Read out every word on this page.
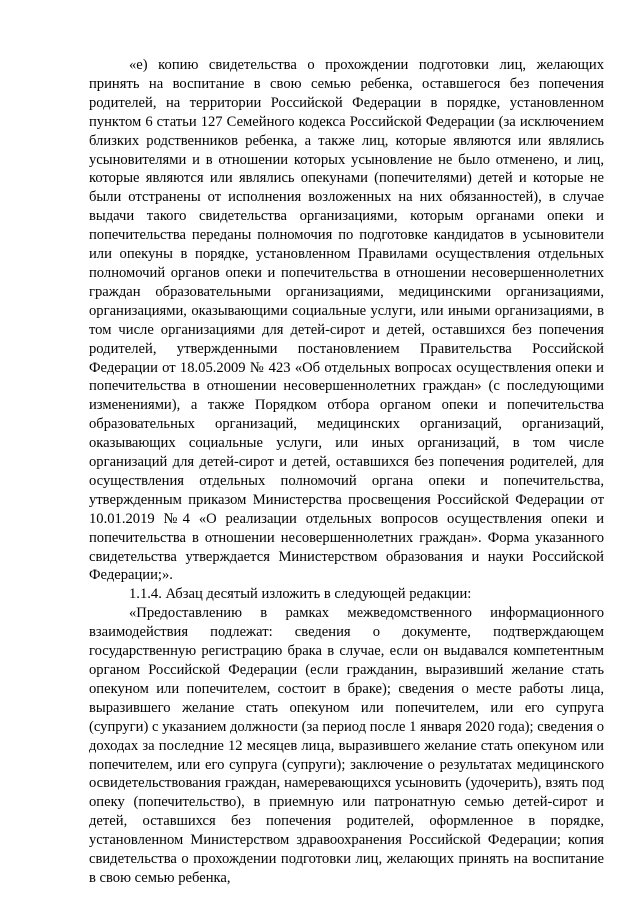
«е) копию свидетельства о прохождении подготовки лиц, желающих принять на воспитание в свою семью ребенка, оставшегося без попечения родителей, на территории Российской Федерации в порядке, установленном пунктом 6 статьи 127 Семейного кодекса Российской Федерации (за исключением близких родственников ребенка, а также лиц, которые являются или являлись усыновителями и в отношении которых усыновление не было отменено, и лиц, которые являются или являлись опекунами (попечителями) детей и которые не были отстранены от исполнения возложенных на них обязанностей), в случае выдачи такого свидетельства организациями, которым органами опеки и попечительства переданы полномочия по подготовке кандидатов в усыновители или опекуны в порядке, установленном Правилами осуществления отдельных полномочий органов опеки и попечительства в отношении несовершеннолетних граждан образовательными организациями, медицинскими организациями, организациями, оказывающими социальные услуги, или иными организациями, в том числе организациями для детей-сирот и детей, оставшихся без попечения родителей, утвержденными постановлением Правительства Российской Федерации от 18.05.2009 № 423 «Об отдельных вопросах осуществления опеки и попечительства в отношении несовершеннолетних граждан» (с последующими изменениями), а также Порядком отбора органом опеки и попечительства образовательных организаций, медицинских организаций, организаций, оказывающих социальные услуги, или иных организаций, в том числе организаций для детей-сирот и детей, оставшихся без попечения родителей, для осуществления отдельных полномочий органа опеки и попечительства, утвержденным приказом Министерства просвещения Российской Федерации от 10.01.2019 №4 «О реализации отдельных вопросов осуществления опеки и попечительства в отношении несовершеннолетних граждан». Форма указанного свидетельства утверждается Министерством образования и науки Российской Федерации;».

1.1.4. Абзац десятый изложить в следующей редакции:

«Предоставлению в рамках межведомственного информационного взаимодействия подлежат: сведения о документе, подтверждающем государственную регистрацию брака в случае, если он выдавался компетентным органом Российской Федерации (если гражданин, выразивший желание стать опекуном или попечителем, состоит в браке); сведения о месте работы лица, выразившего желание стать опекуном или попечителем, или его супруга (супруги) с указанием должности (за период после 1 января 2020 года); сведения о доходах за последние 12 месяцев лица, выразившего желание стать опекуном или попечителем, или его супруга (супруги); заключение о результатах медицинского освидетельствования граждан, намеревающихся усыновить (удочерить), взять под опеку (попечительство), в приемную или патронатную семью детей-сирот и детей, оставшихся без попечения родителей, оформленное в порядке, установленном Министерством здравоохранения Российской Федерации; копия свидетельства о прохождении подготовки лиц, желающих принять на воспитание в свою семью ребенка,
